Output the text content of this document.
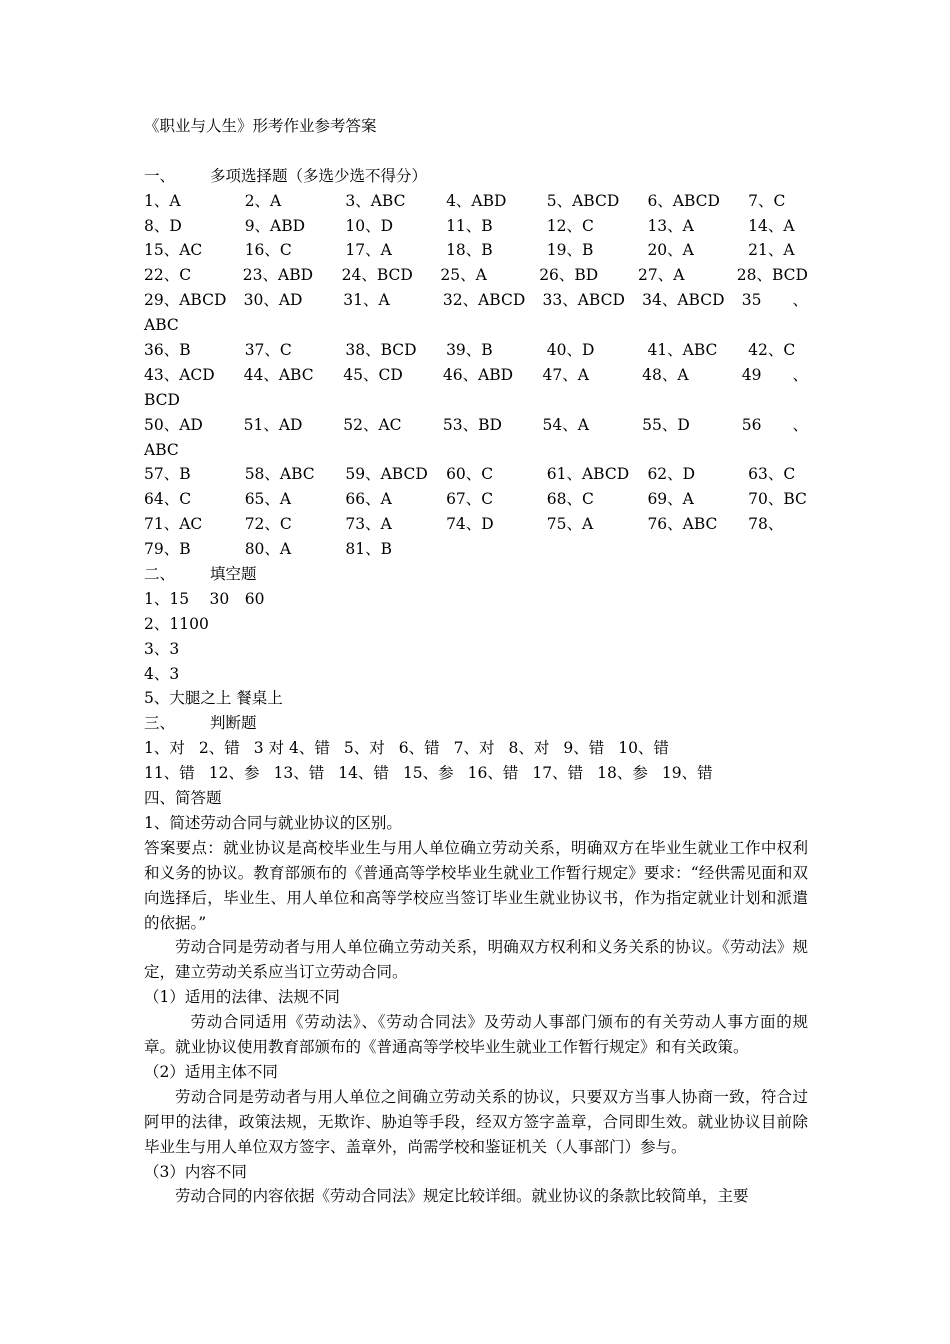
《职业与人生》形考作业参考答案
一、 多项选择题（多选少选不得分）
1、A	2、A	3、ABC	4、ABD	5、ABCD	6、ABCD	7、C
8、D	9、ABD	10、D	11、B	12、C	13、A	14、A
15、AC	16、C	17、A	18、B	19、B	20、A	21、A
22、C	23、ABD	24、BCD	25、A	26、BD	27、A	28、BCD
29、ABCD	30、AD	31、A	32、ABCD	33、ABCD	34、ABCD	35　　、
ABC
36、B	37、C	38、BCD	39、B	40、D	41、ABC	42、C
43、ACD	44、ABC	45、CD	46、ABD	47、A	48、A	49　　、
BCD
50、AD	51、AD	52、AC	53、BD	54、A	55、D	56　　、
ABC
57、B	58、ABC	59、ABCD	60、C	61、ABCD	62、D	63、C
64、C	65、A	66、A	67、C	68、C	69、A	70、BC
71、AC	72、C	73、A	74、D	75、A	76、ABC	78、
79、B	80、A	81、B
二、 填空题
1、15　 30　60
2、1100
3、3
4、3
5、大腿之上 餐桌上
三、 判断题
1、对 2、错 3 对 4、错 5、对 6、错 7、对 8、对 9、错 10、错
11、错 12、参 13、错 14、错 15、参 16、错 17、错 18、参 19、错
四、简答题
1、简述劳动合同与就业协议的区别。
答案要点：就业协议是高校毕业生与用人单位确立劳动关系，明确双方在毕业生就业工作中权利和义务的协议。教育部颁布的《普通高等学校毕业生就业工作暂行规定》要求：“经供需见面和双向选择后，毕业生、用人单位和高等学校应当签订毕业生就业协议书，作为指定就业计划和派遣的依据。”
劳动合同是劳动者与用人单位确立劳动关系，明确双方权利和义务关系的协议。《劳动法》规定，建立劳动关系应当订立劳动合同。
（1）适用的法律、法规不同
劳动合同适用《劳动法》、《劳动合同法》及劳动人事部门颁布的有关劳动人事方面的规章。就业协议使用教育部颁布的《普通高等学校毕业生就业工作暂行规定》和有关政策。
（2）适用主体不同
劳动合同是劳动者与用人单位之间确立劳动关系的协议，只要双方当事人协商一致，符合过阿甲的法律，政策法规，无欺诈、胁迫等手段，经双方签字盖章，合同即生效。就业协议目前除毕业生与用人单位双方签字、盖章外，尚需学校和鉴证机关（人事部门）参与。
（3）内容不同
劳动合同的内容依据《劳动合同法》规定比较详细。就业协议的条款比较简单，主要
